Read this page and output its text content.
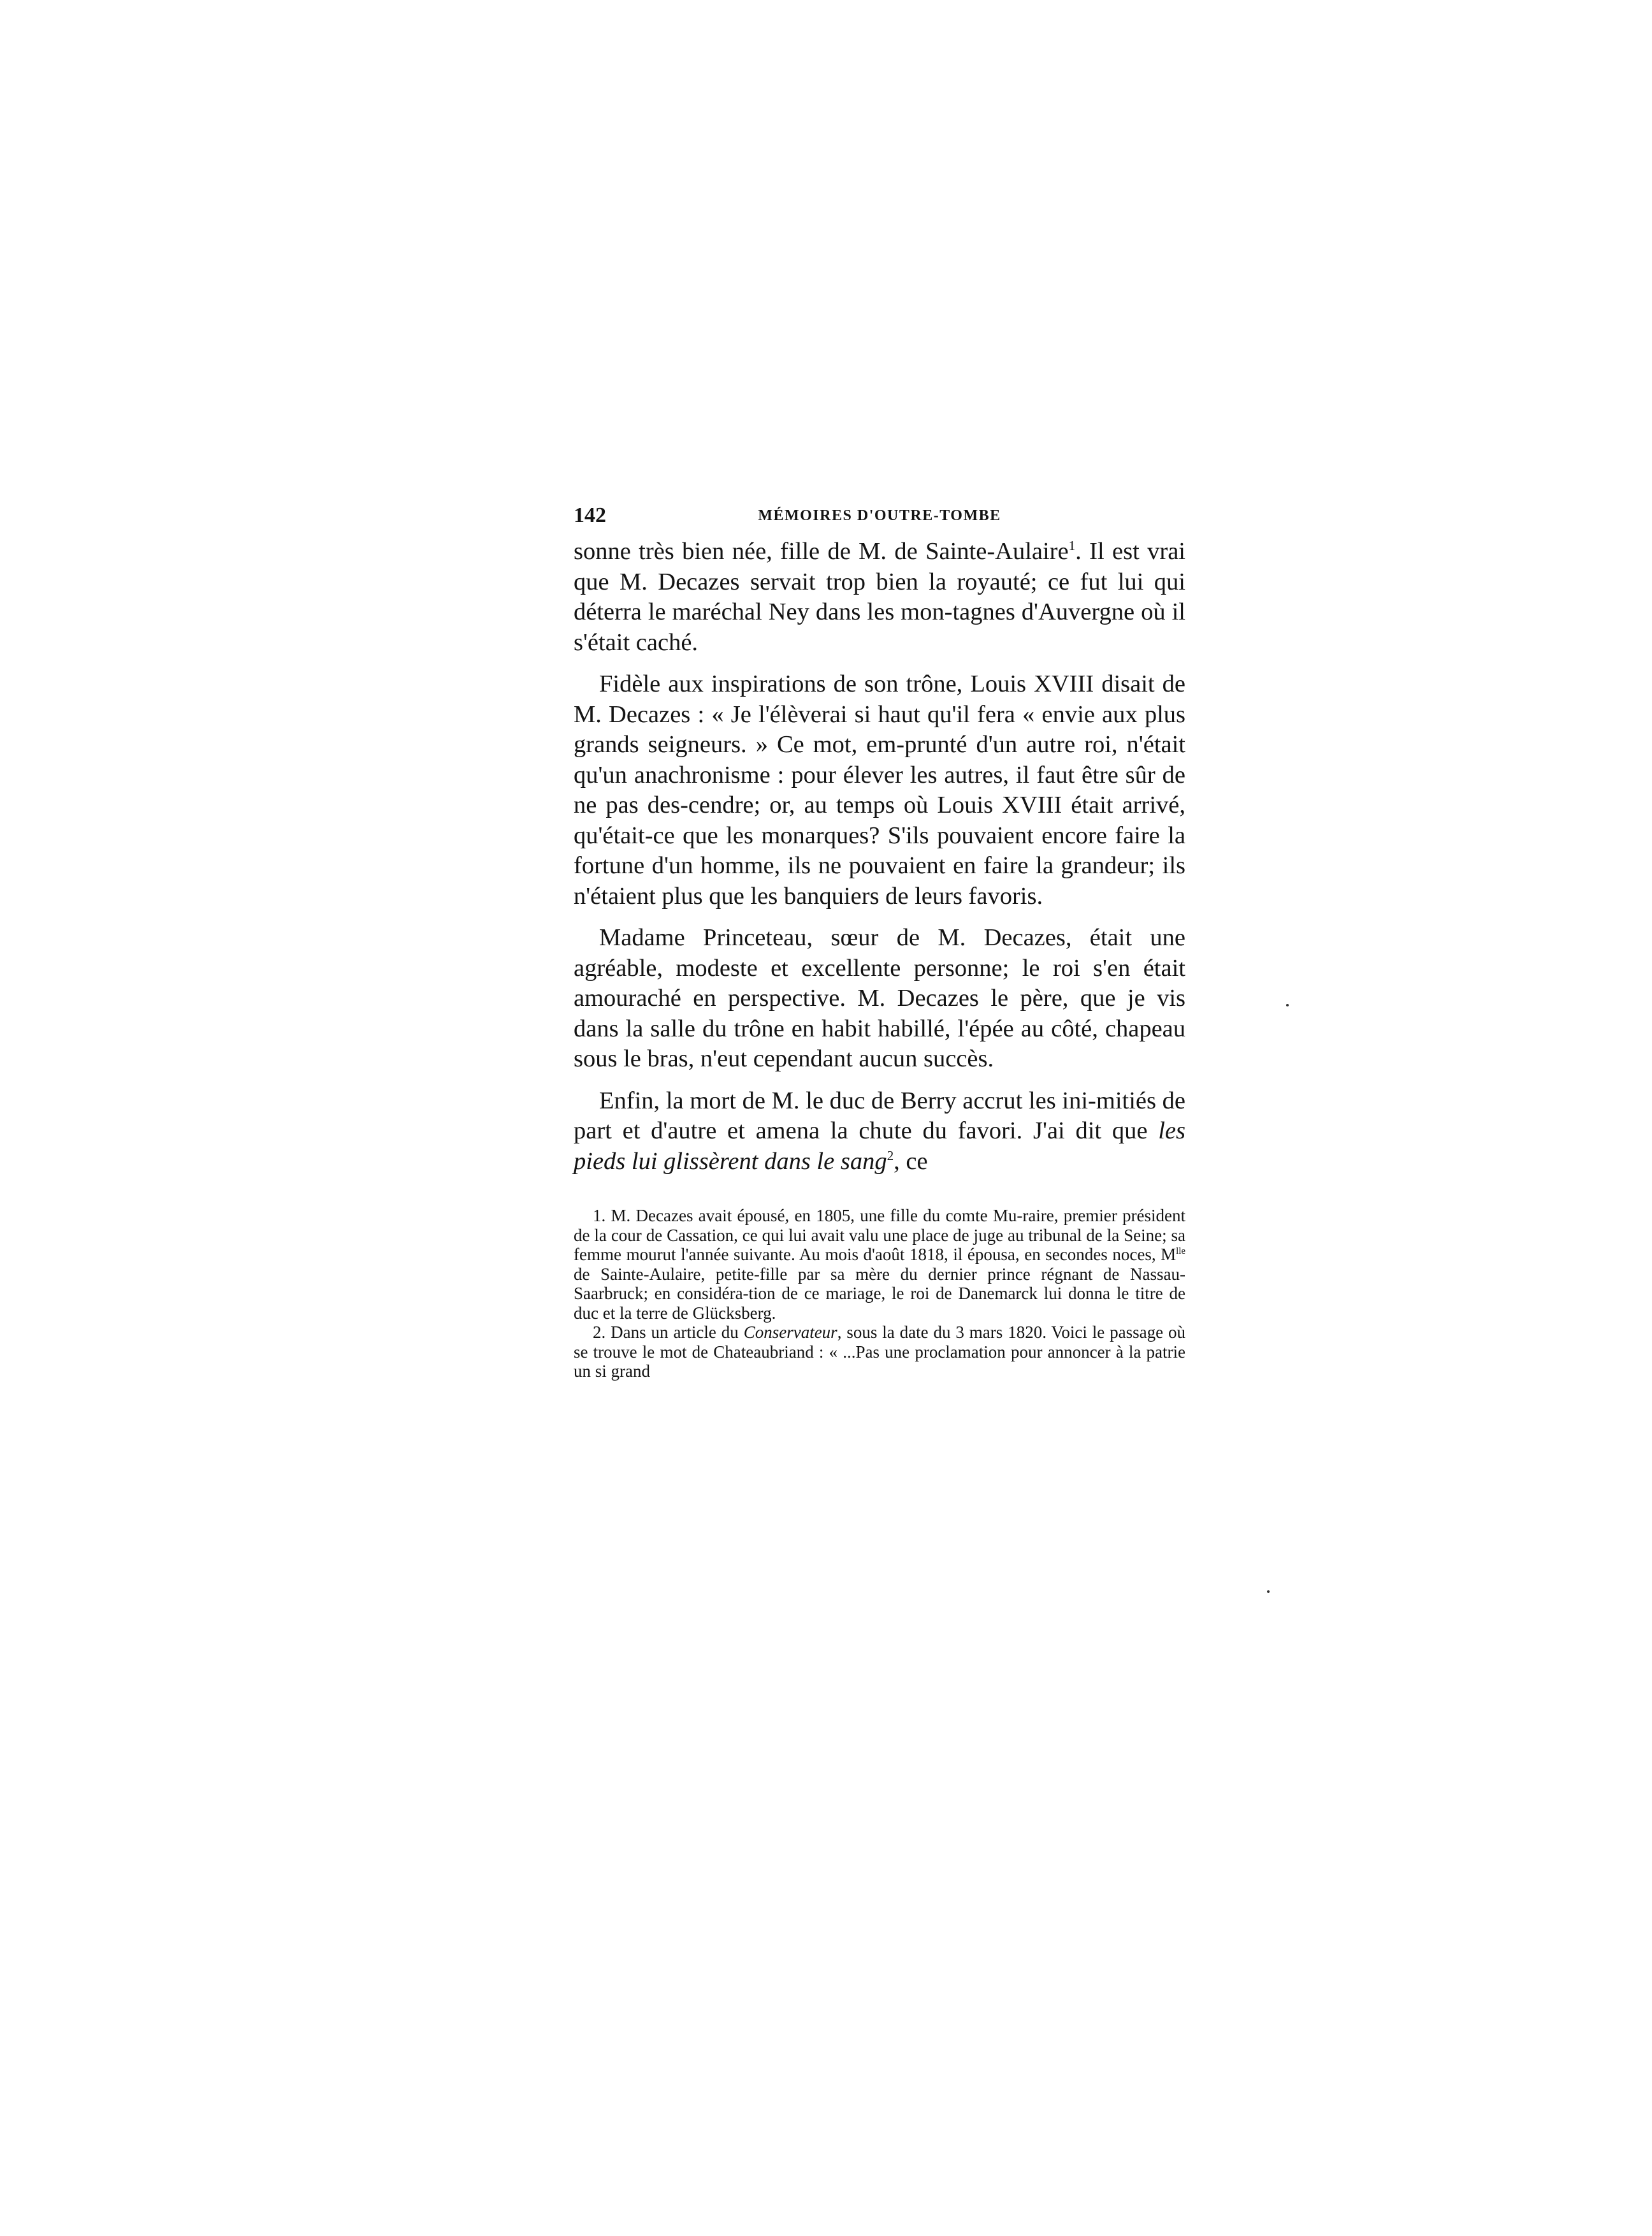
142	MÉMOIRES D'OUTRE-TOMBE

sonne très bien née, fille de M. de Sainte-Aulaire$^1$. Il est vrai que M. Decazes servait trop bien la royauté; ce fut lui qui déterra le maréchal Ney dans les mon-tagnes d'Auvergne où il s'était caché.

Fidèle aux inspirations de son trône, Louis XVIII disait de M. Decazes : « Je l'élèverai si haut qu'il fera « envie aux plus grands seigneurs. » Ce mot, em-prunté d'un autre roi, n'était qu'un anachronisme : pour élever les autres, il faut être sûr de ne pas des-cendre; or, au temps où Louis XVIII était arrivé, qu'était-ce que les monarques? S'ils pouvaient encore faire la fortune d'un homme, ils ne pouvaient en faire la grandeur; ils n'étaient plus que les banquiers de leurs favoris.

Madame Princeteau, sœur de M. Decazes, était une agréable, modeste et excellente personne; le roi s'en était amouraché en perspective. M. Decazes le père, que je vis dans la salle du trône en habit habillé, l'épée au côté, chapeau sous le bras, n'eut cependant aucun succès.

Enfin, la mort de M. le duc de Berry accrut les ini-mitiés de part et d'autre et amena la chute du favori. J'ai dit que les pieds lui glissèrent dans le sang$^2$, ce

1. M. Decazes avait épousé, en 1805, une fille du comte Mu-raire, premier président de la cour de Cassation, ce qui lui avait valu une place de juge au tribunal de la Seine; sa femme mourut l'année suivante. Au mois d'août 1818, il épousa, en secondes noces, $M^{lle}$ de Sainte-Aulaire, petite-fille par sa mère du dernier prince régnant de Nassau-Saarbruck; en considéra-tion de ce mariage, le roi de Danemarck lui donna le titre de duc et la terre de Glücksberg.

2. Dans un article du Conservateur, sous la date du 3 mars 1820. Voici le passage où se trouve le mot de Chateaubriand : « ...Pas une proclamation pour annoncer à la patrie un si grand
